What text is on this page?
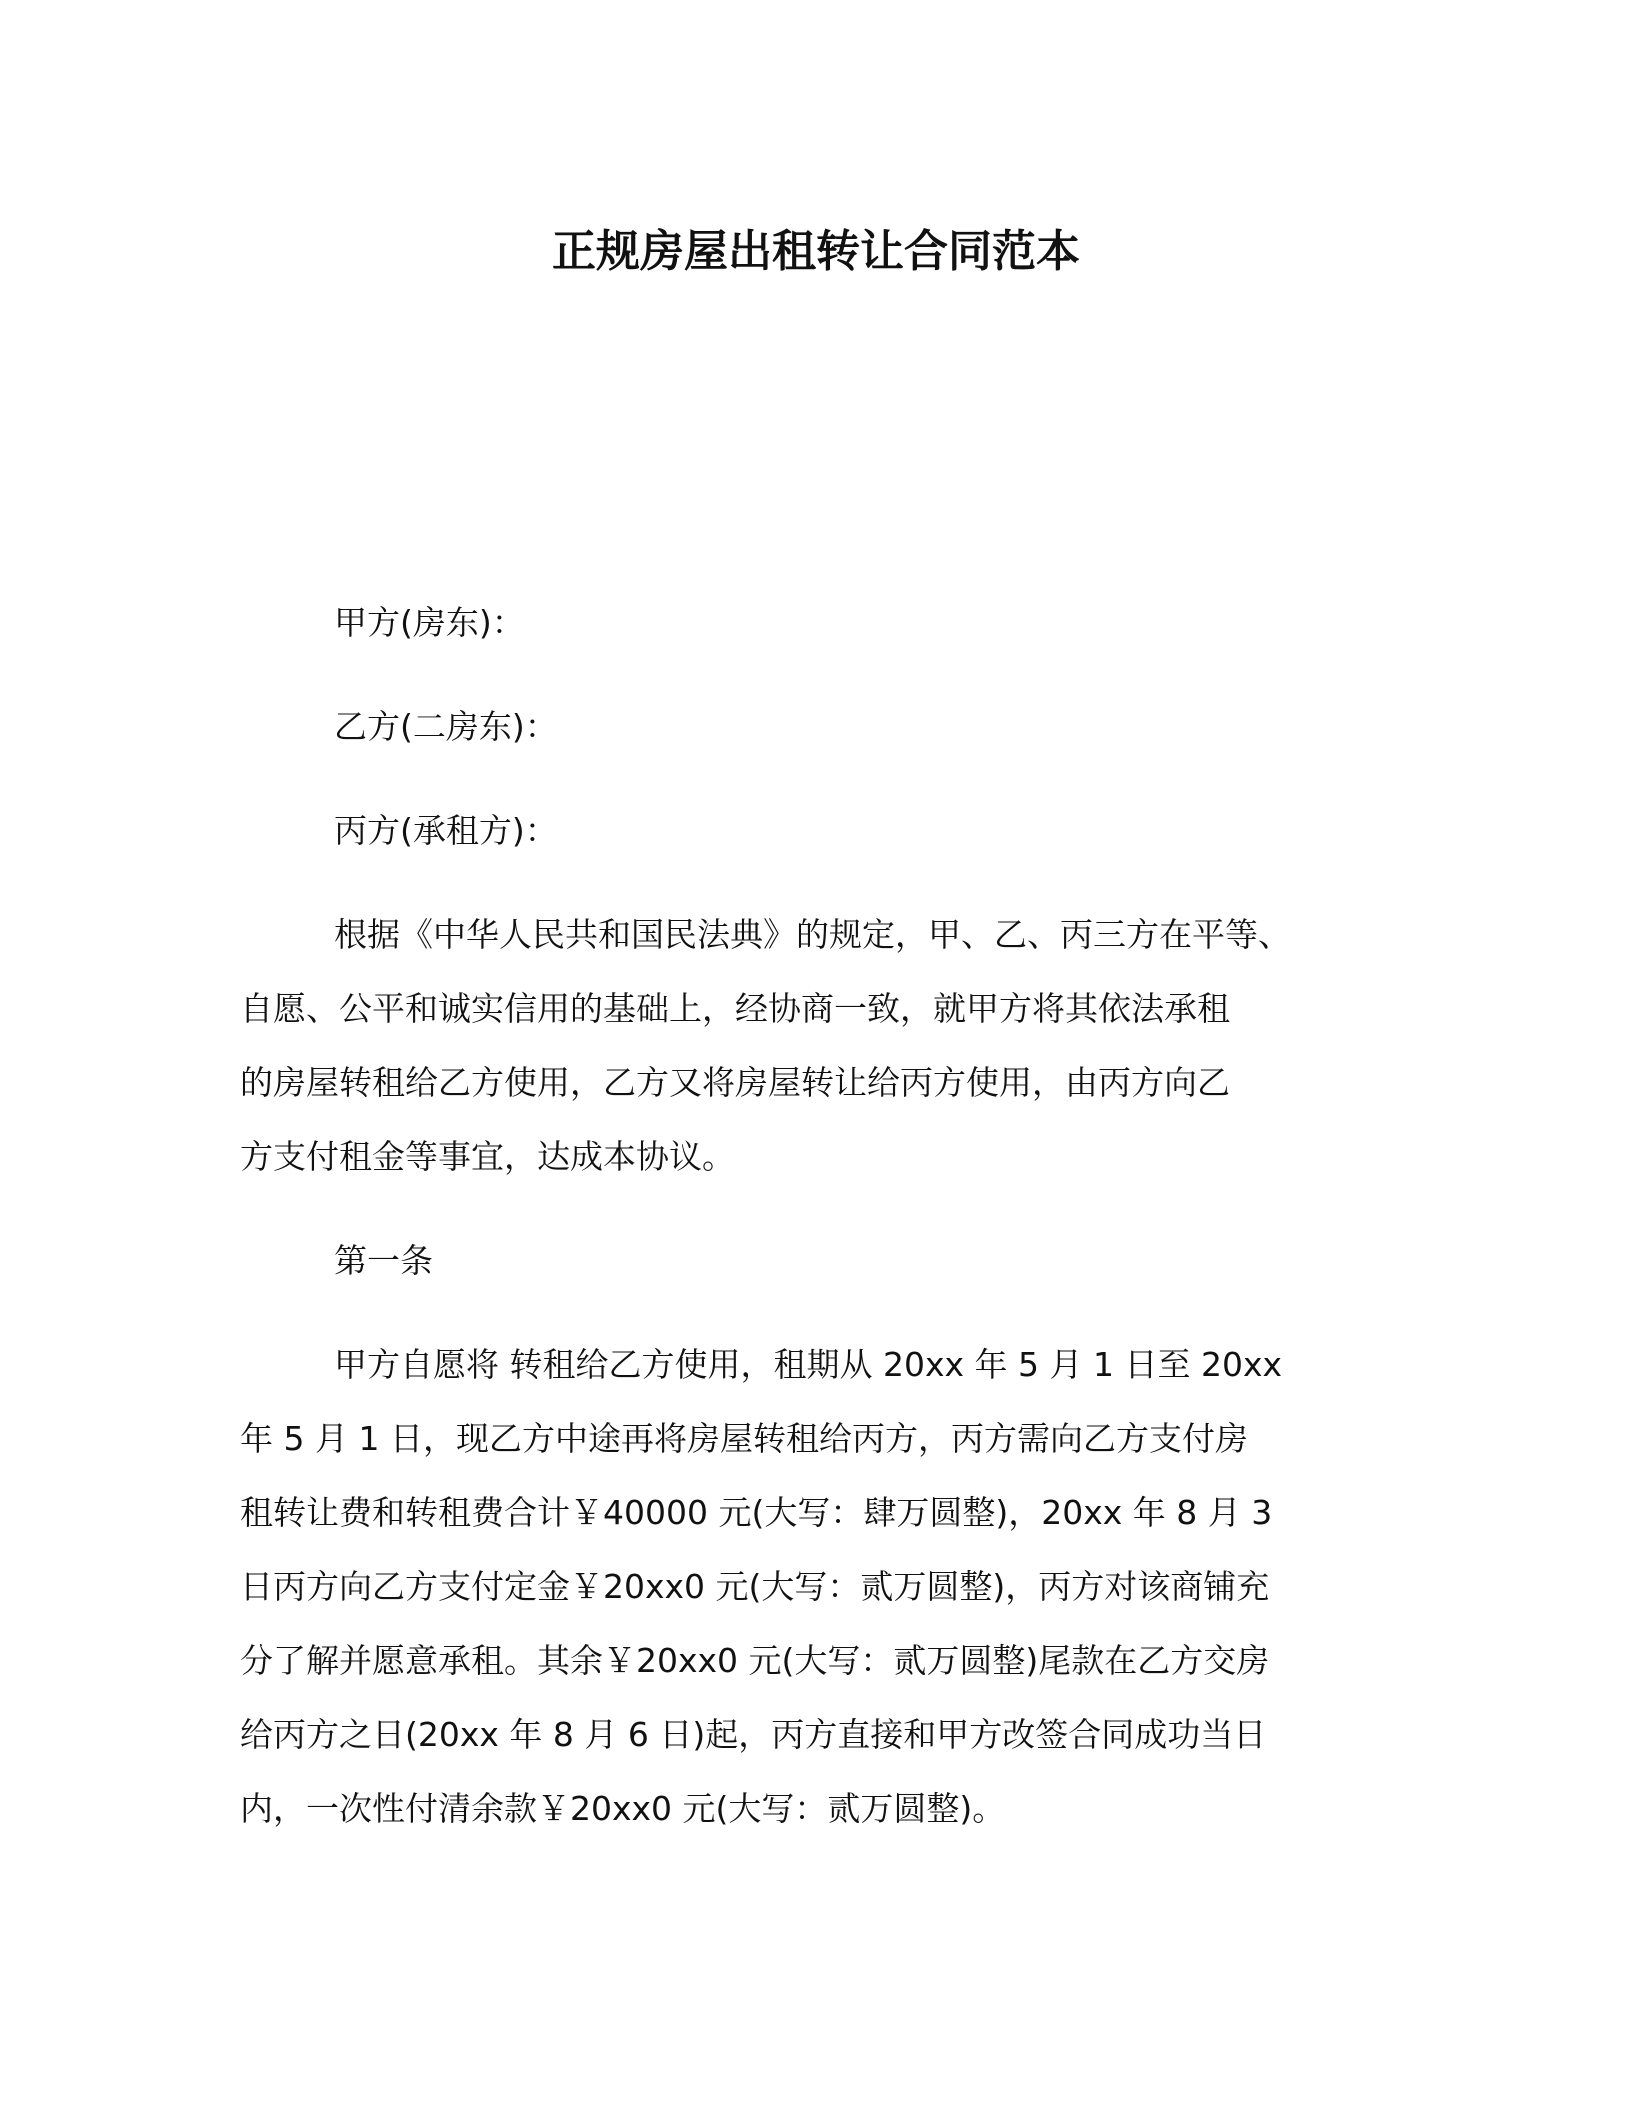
正规房屋出租转让合同范本
甲方(房东)：
乙方(二房东)：
丙方(承租方)：
根据《中华人民共和国民法典》的规定，甲、乙、丙三方在平等、
自愿、公平和诚实信用的基础上，经协商一致，就甲方将其依法承租
的房屋转租给乙方使用，乙方又将房屋转让给丙方使用，由丙方向乙
方支付租金等事宜，达成本协议。
第一条
甲方自愿将 转租给乙方使用，租期从 20xx 年 5 月 1 日至 20xx
年 5 月 1 日，现乙方中途再将房屋转租给丙方，丙方需向乙方支付房
租转让费和转租费合计￥40000 元(大写：肆万圆整)，20xx 年 8 月 3
日丙方向乙方支付定金￥20xx0 元(大写：贰万圆整)，丙方对该商铺充
分了解并愿意承租。其余￥20xx0 元(大写：贰万圆整)尾款在乙方交房
给丙方之日(20xx 年 8 月 6 日)起，丙方直接和甲方改签合同成功当日
内，一次性付清余款￥20xx0 元(大写：贰万圆整)。
